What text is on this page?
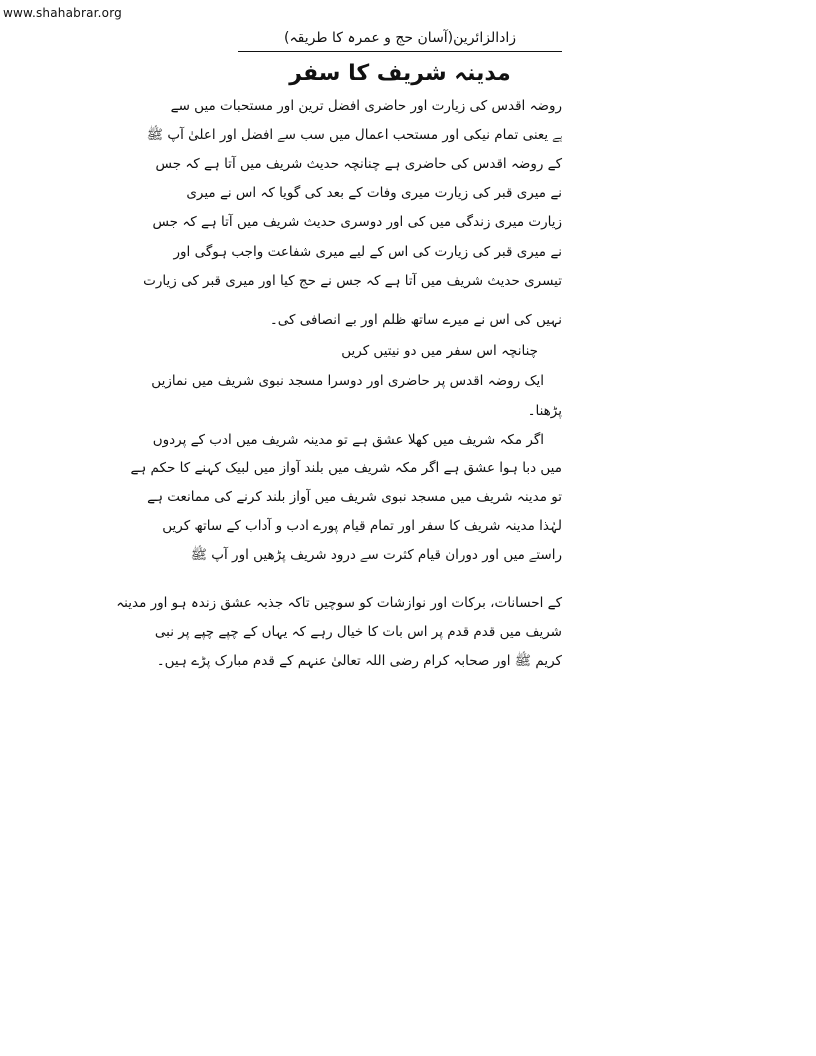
www.shahabrar.org
زادالزائرین(آسان حج و عمرہ کا طریقہ)
مدینہ شریف کا سفر
روضہ اقدس کی زیارت اور حاضری افضل ترین اور مستحبات میں سے
ہے یعنی تمام نیکی اور مستحب اعمال میں سب سے افضل اور اعلیٰ آپ ﷺ
کے روضہ اقدس کی حاضری ہے چنانچہ حدیث شریف میں آتا ہے کہ جس
نے میری قبر کی زیارت میری وفات کے بعد کی گویا کہ اس نے میری
زیارت میری زندگی میں کی اور دوسری حدیث شریف میں آتا ہے کہ جس
نے میری قبر کی زیارت کی اس کے لیے میری شفاعت واجب ہوگی اور
تیسری حدیث شریف میں آتا ہے کہ جس نے حج کیا اور میری قبر کی زیارت
نہیں کی اس نے میرے ساتھ ظلم اور بے انصافی کی۔
چنانچہ اس سفر میں دو نیتیں کریں
ایک روضہ اقدس پر حاضری اور دوسرا مسجد نبوی شریف میں نمازیں
پڑھنا۔
اگر مکہ شریف میں کھلا عشق ہے تو مدینہ شریف میں ادب کے پردوں
میں دبا ہوا عشق ہے اگر مکہ شریف میں بلند آواز میں لبیک کہنے کا حکم ہے
تو مدینہ شریف میں مسجد نبوی شریف میں آواز بلند کرنے کی ممانعت ہے
لہٰذا مدینہ شریف کا سفر اور تمام قیام پورے ادب و آداب کے ساتھ کریں
راستے میں اور دوران قیام کثرت سے درود شریف پڑھیں اور آپ ﷺ
کے احسانات، برکات اور نوازشات کو سوچیں تاکہ جذبہ عشق زندہ ہو اور مدینہ
شریف میں قدم قدم پر اس بات کا خیال رہے کہ یہاں کے چپے چپے پر نبی
کریم ﷺ اور صحابہ کرام رضی اللہ تعالیٰ عنہم کے قدم مبارک پڑے ہیں۔
